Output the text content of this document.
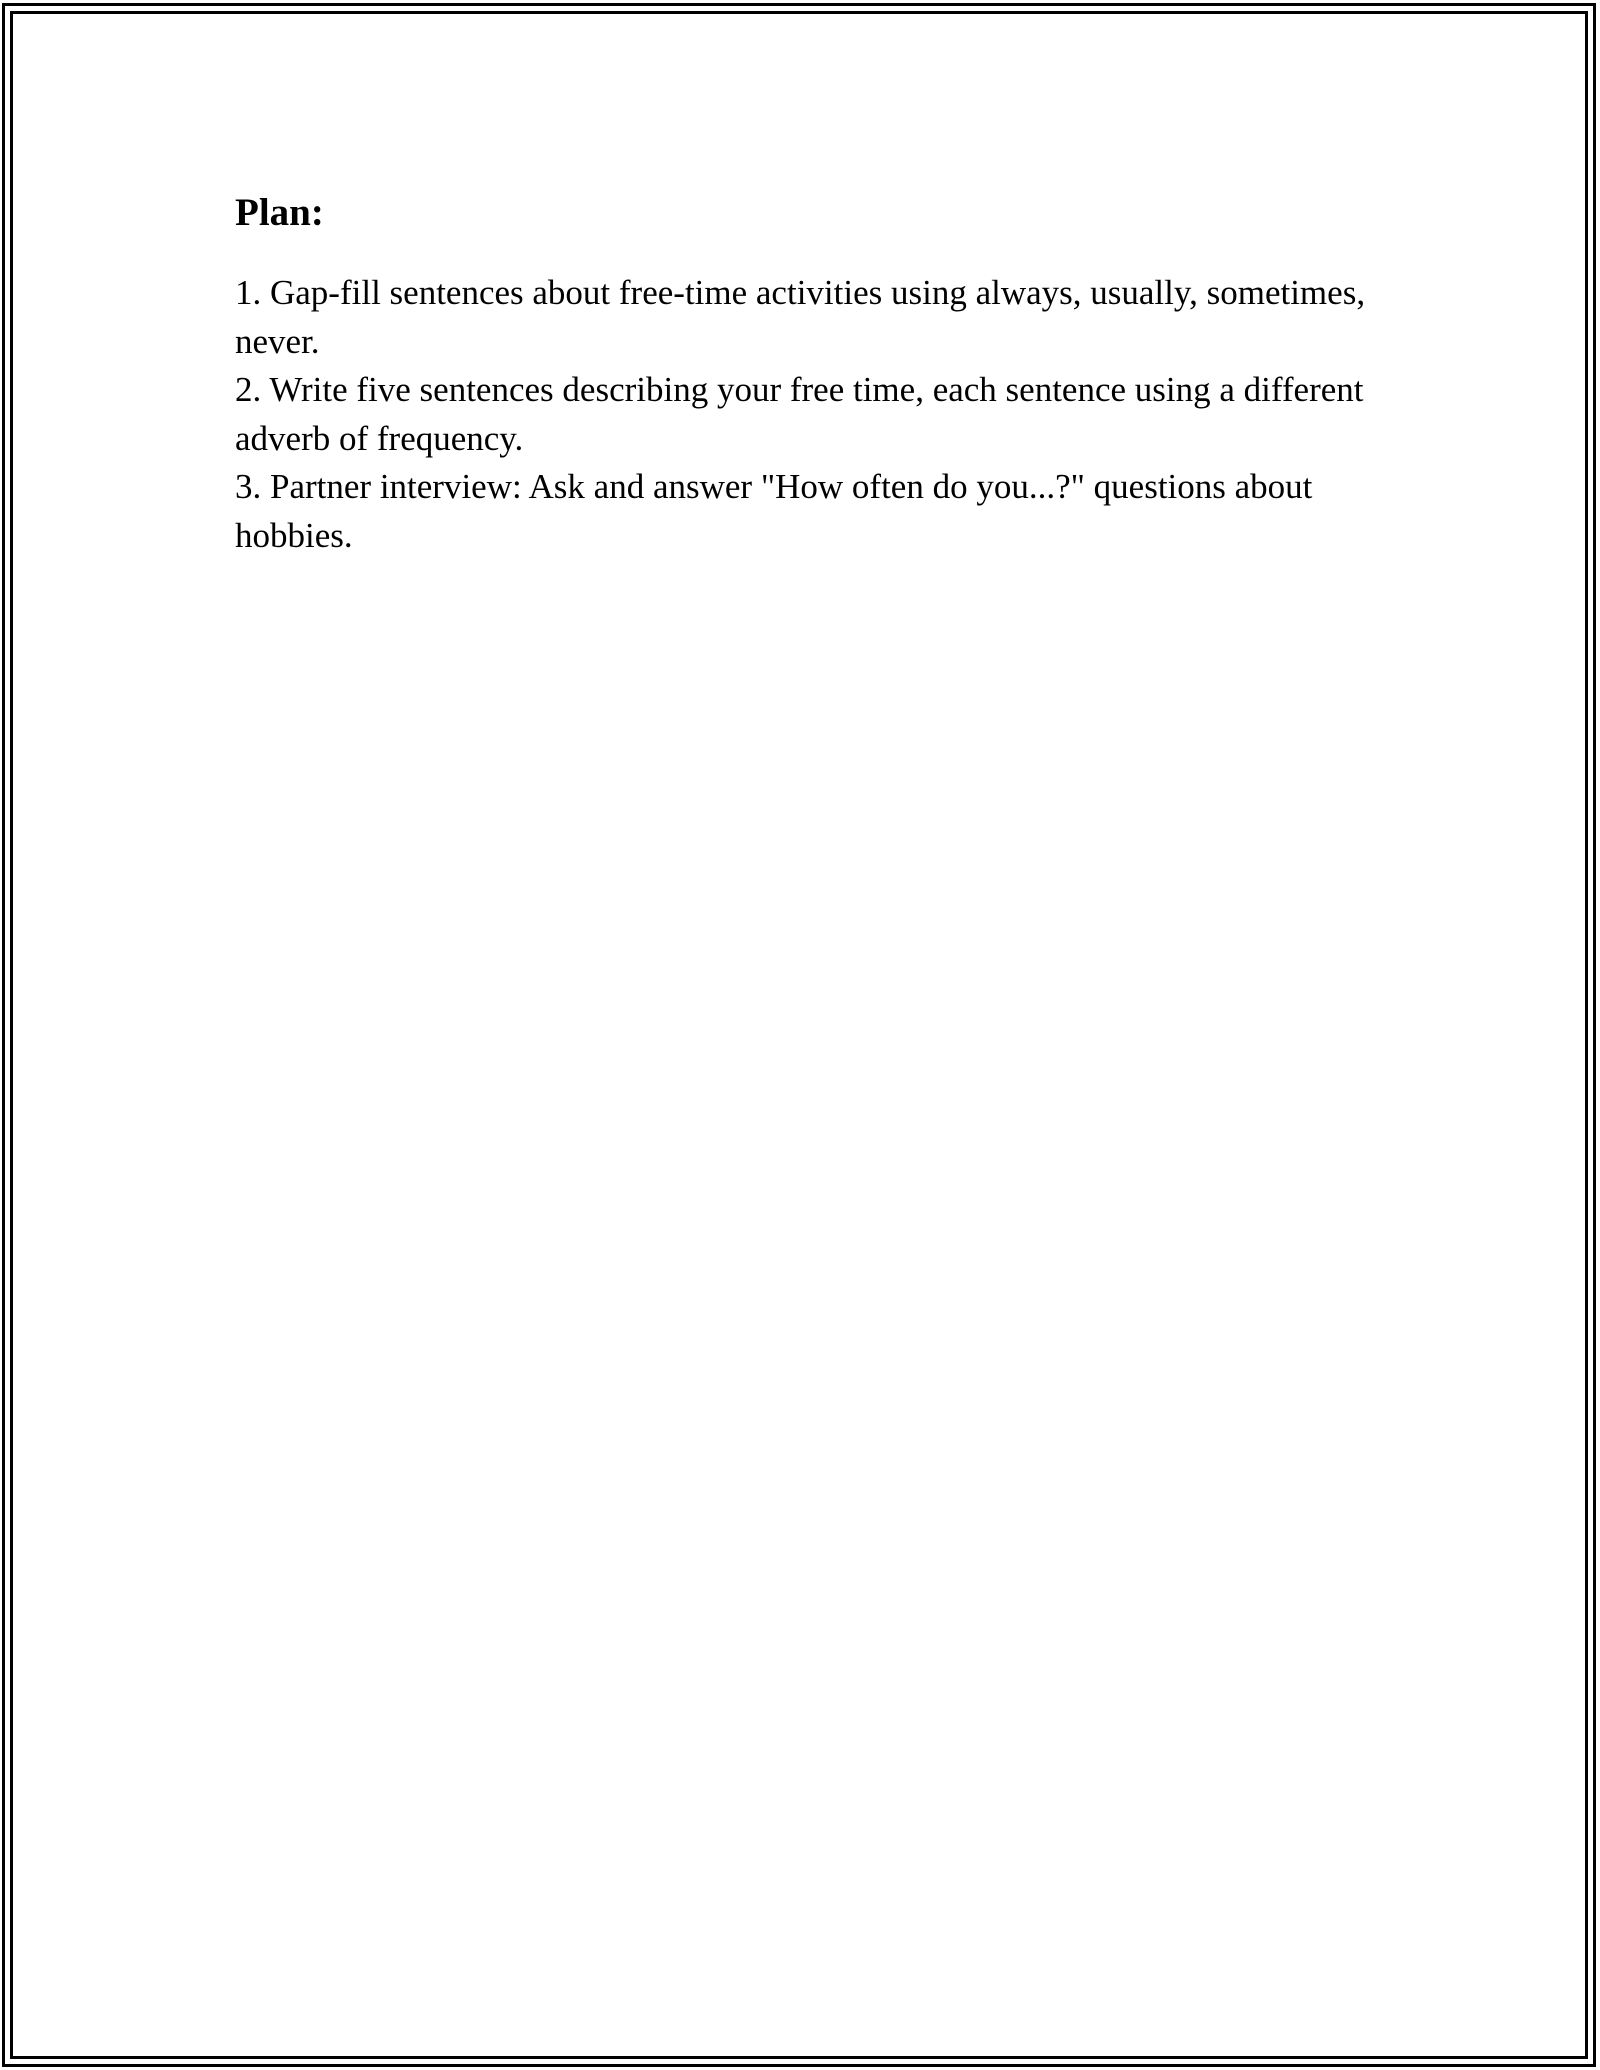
Plan:
1. Gap-fill sentences about free-time activities using always, usually, sometimes, never.
2. Write five sentences describing your free time, each sentence using a different adverb of frequency.
3. Partner interview: Ask and answer "How often do you...?" questions about hobbies.
